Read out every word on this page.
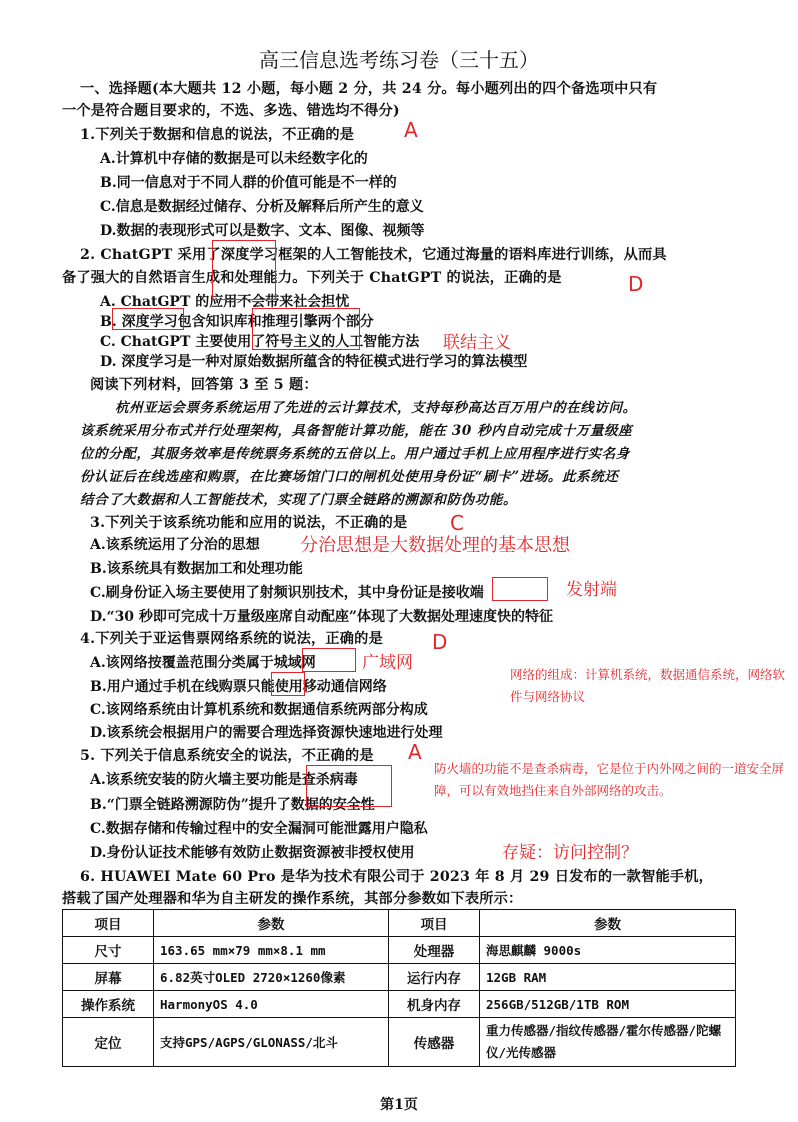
高三信息选考练习卷（三十五）
一、选择题(本大题共 12 小题，每小题 2 分，共 24 分。每小题列出的四个备选项中只有
一个是符合题目要求的，不选、多选、错选均不得分)
1.下列关于数据和信息的说法，不正确的是 A
A.计算机中存储的数据是可以未经数字化的
B.同一信息对于不同人群的价值可能是不一样的
C.信息是数据经过储存、分析及解释后所产生的意义
D.数据的表现形式可以是数字、文本、图像、视频等
2. ChatGPT 采用了深度学习框架的人工智能技术，它通过海量的语料库进行训练，从而具
备了强大的自然语言生成和处理能力。下列关于 ChatGPT 的说法，正确的是	D
A. ChatGPT 的应用不会带来社会担忧
B. 深度学习包含知识库和推理引擎两个部分
C. ChatGPT 主要使用了符号主义的人工智能方法
D. 深度学习是一种对原始数据所蕴含的特征模式进行学习的算法模型
联结主义
阅读下列材料，回答第 3 至 5 题：
杭州亚运会票务系统运用了先进的云计算技术，支持每秒高达百万用户的在线访问。
该系统采用分布式并行处理架构，具备智能计算功能，能在 30 秒内自动完成十万量级座
位的分配，其服务效率是传统票务系统的五倍以上。用户通过手机上应用程序进行实名身
份认证后在线选座和购票，在比赛场馆门口的闸机处使用身份证“刷卡”进场。此系统还
结合了大数据和人工智能技术，实现了门票全链路的溯源和防伪功能。
3.下列关于该系统功能和应用的说法，不正确的是 C
A.该系统运用了分治的思想 分治思想是大数据处理的基本思想
B.该系统具有数据加工和处理功能
C.刷身份证入场主要使用了射频识别技术，其中身份证是接收端	发射端
D.“30 秒即可完成十万量级座席自动配座”体现了大数据处理速度快的特征
4.下列关于亚运售票网络系统的说法，正确的是 D
A.该网络按覆盖范围分类属于城域网	广域网
B.用户通过手机在线购票只能使用移动通信网络
C.该网络系统由计算机系统和数据通信系统两部分构成
D.该系统会根据用户的需要合理选择资源快速地进行处理
网络的组成：计算机系统，数据通信系统，网络软件与网络协议
5. 下列关于信息系统安全的说法，不正确的是 A
A.该系统安装的防火墙主要功能是查杀病毒
B.“门票全链路溯源防伪”提升了数据的安全性
C.数据存储和传输过程中的安全漏洞可能泄露用户隐私
D.身份认证技术能够有效防止数据资源被非授权使用
防火墙的功能不是查杀病毒，它是位于内外网之间的一道安全屏障，可以有效地挡住来自外部网络的攻击。
存疑：访问控制？
6. HUAWEI Mate 60 Pro 是华为技术有限公司于 2023 年 8 月 29 日发布的一款智能手机，
搭载了国产处理器和华为自主研发的操作系统，其部分参数如下表所示：
项目	参数	项目	参数
尺寸	163.65 mm×79 mm×8.1 mm	处理器	海思麒麟 9000s
屏幕	6.82英寸OLED 2720×1260像素	运行内存	12GB RAM
操作系统	HarmonyOS 4.0	机身内存	256GB/512GB/1TB ROM
定位	支持GPS/AGPS/GLONASS/北斗	传感器	重力传感器/指纹传感器/霍尔传感器/陀螺仪/光传感器
第1页
